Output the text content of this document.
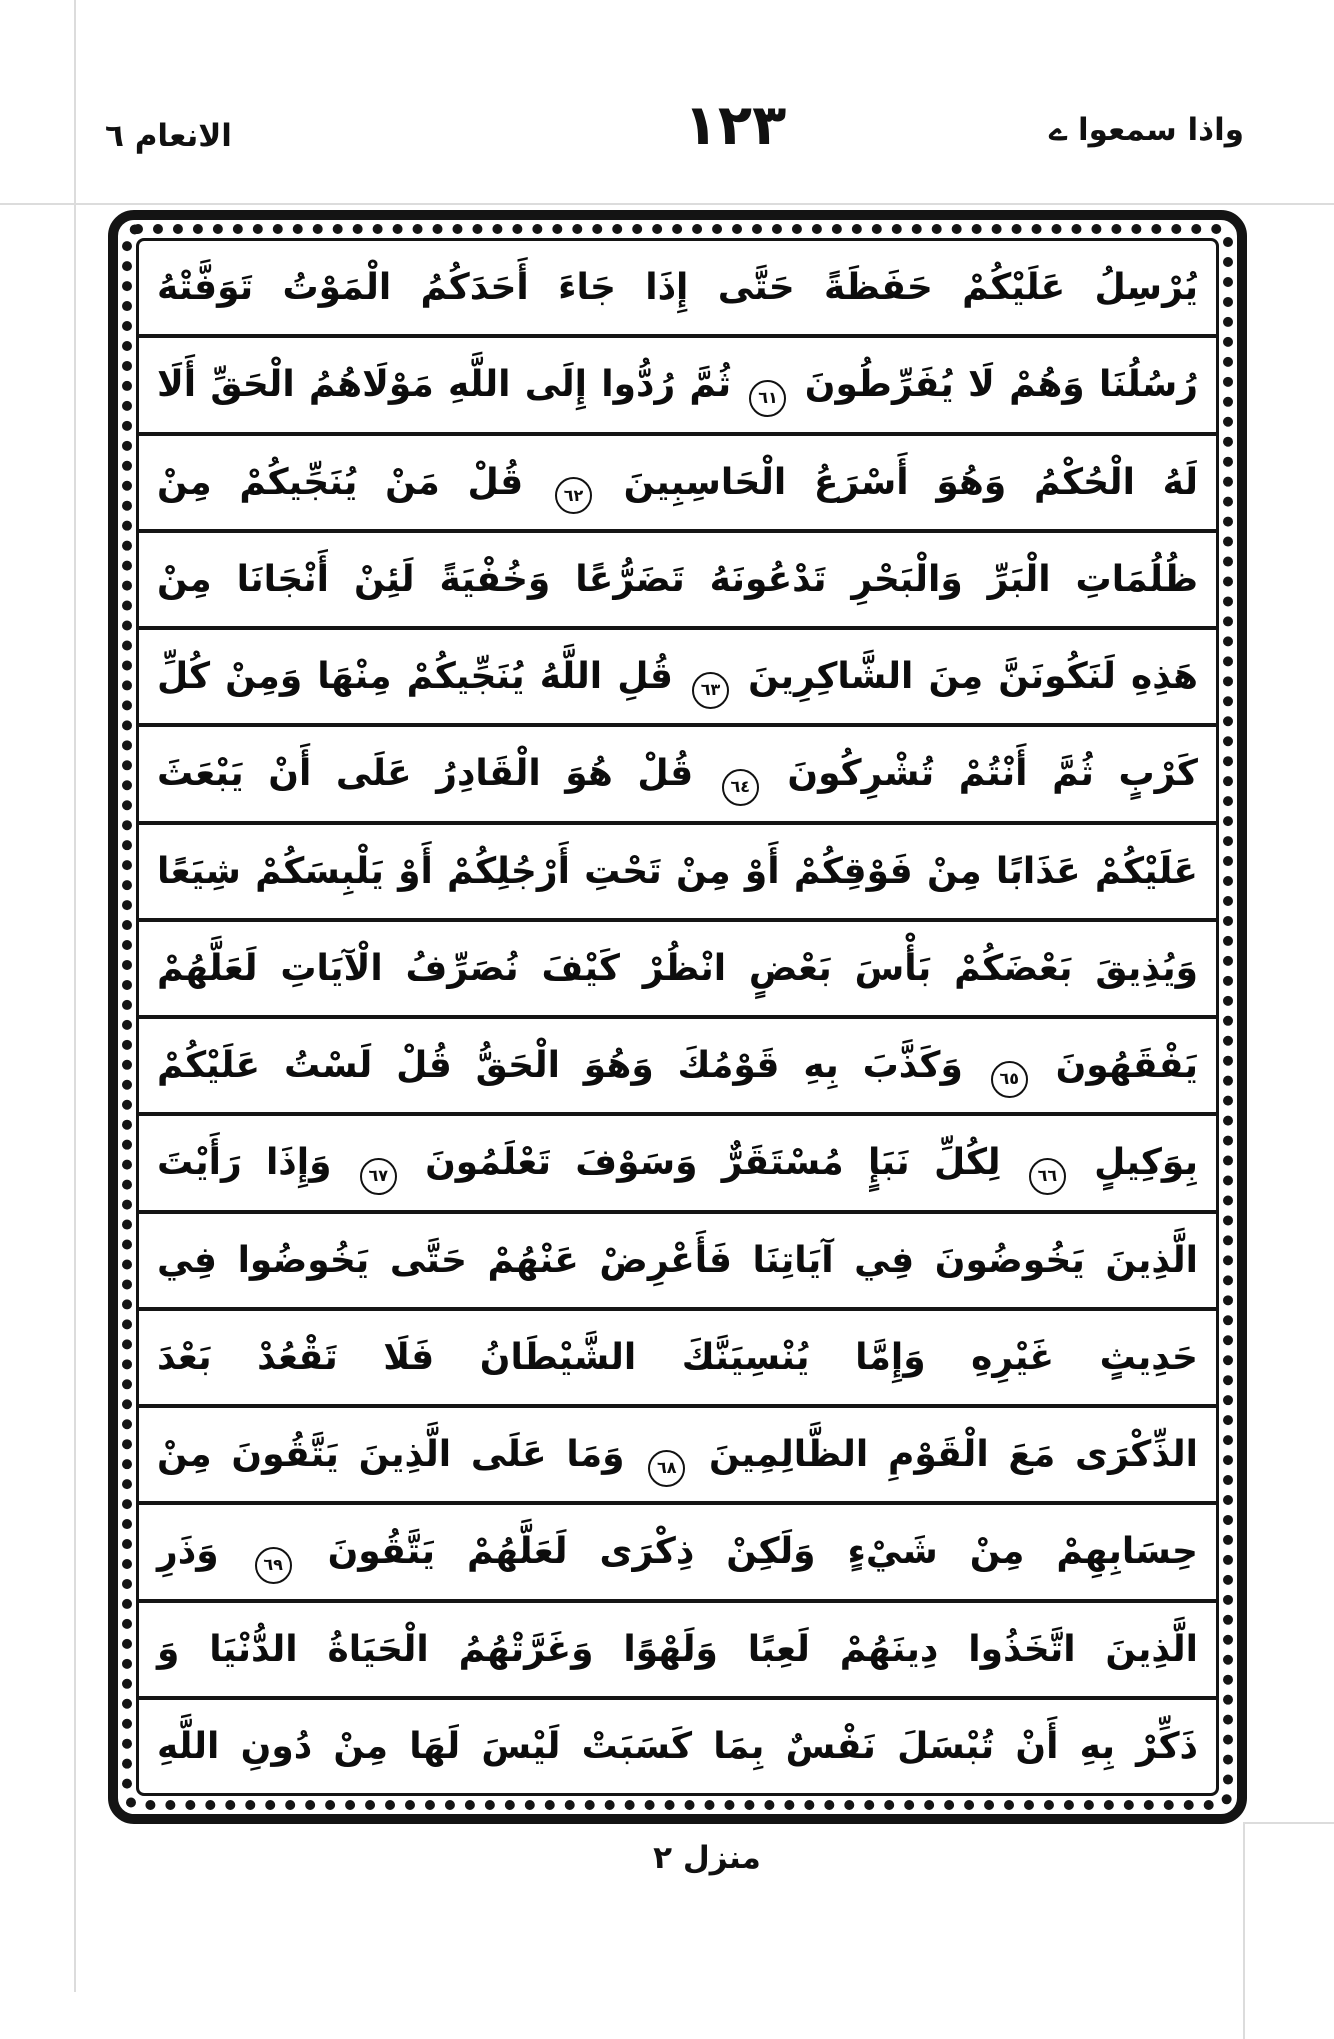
الانعام ٦	١٢٣	واذا سمعوا ے
يُرْسِلُ عَلَيْكُمْ حَفَظَةً حَتَّى إِذَا جَاءَ أَحَدَكُمُ الْمَوْتُ تَوَفَّتْهُ
رُسُلُنَا وَهُمْ لَا يُفَرِّطُونَ ٦١ ثُمَّ رُدُّوا إِلَى اللَّهِ مَوْلَاهُمُ الْحَقِّ أَلَا
لَهُ الْحُكْمُ وَهُوَ أَسْرَعُ الْحَاسِبِينَ ٦٢ قُلْ مَنْ يُنَجِّيكُمْ مِنْ
ظُلُمَاتِ الْبَرِّ وَالْبَحْرِ تَدْعُونَهُ تَضَرُّعًا وَخُفْيَةً لَئِنْ أَنْجَانَا مِنْ
هَذِهِ لَنَكُونَنَّ مِنَ الشَّاكِرِينَ ٦٣ قُلِ اللَّهُ يُنَجِّيكُمْ مِنْهَا وَمِنْ كُلِّ
كَرْبٍ ثُمَّ أَنْتُمْ تُشْرِكُونَ ٦٤ قُلْ هُوَ الْقَادِرُ عَلَى أَنْ يَبْعَثَ
عَلَيْكُمْ عَذَابًا مِنْ فَوْقِكُمْ أَوْ مِنْ تَحْتِ أَرْجُلِكُمْ أَوْ يَلْبِسَكُمْ شِيَعًا
وَيُذِيقَ بَعْضَكُمْ بَأْسَ بَعْضٍ انْظُرْ كَيْفَ نُصَرِّفُ الْآيَاتِ لَعَلَّهُمْ
يَفْقَهُونَ ٦٥ وَكَذَّبَ بِهِ قَوْمُكَ وَهُوَ الْحَقُّ قُلْ لَسْتُ عَلَيْكُمْ
بِوَكِيلٍ ٦٦ لِكُلِّ نَبَإٍ مُسْتَقَرٌّ وَسَوْفَ تَعْلَمُونَ ٦٧ وَإِذَا رَأَيْتَ
الَّذِينَ يَخُوضُونَ فِي آيَاتِنَا فَأَعْرِضْ عَنْهُمْ حَتَّى يَخُوضُوا فِي
حَدِيثٍ غَيْرِهِ وَإِمَّا يُنْسِيَنَّكَ الشَّيْطَانُ فَلَا تَقْعُدْ بَعْدَ
الذِّكْرَى مَعَ الْقَوْمِ الظَّالِمِينَ ٦٨ وَمَا عَلَى الَّذِينَ يَتَّقُونَ مِنْ
حِسَابِهِمْ مِنْ شَيْءٍ وَلَكِنْ ذِكْرَى لَعَلَّهُمْ يَتَّقُونَ ٦٩ وَذَرِ
الَّذِينَ اتَّخَذُوا دِينَهُمْ لَعِبًا وَلَهْوًا وَغَرَّتْهُمُ الْحَيَاةُ الدُّنْيَا وَ
ذَكِّرْ بِهِ أَنْ تُبْسَلَ نَفْسٌ بِمَا كَسَبَتْ لَيْسَ لَهَا مِنْ دُونِ اللَّهِ
منزل ٢
